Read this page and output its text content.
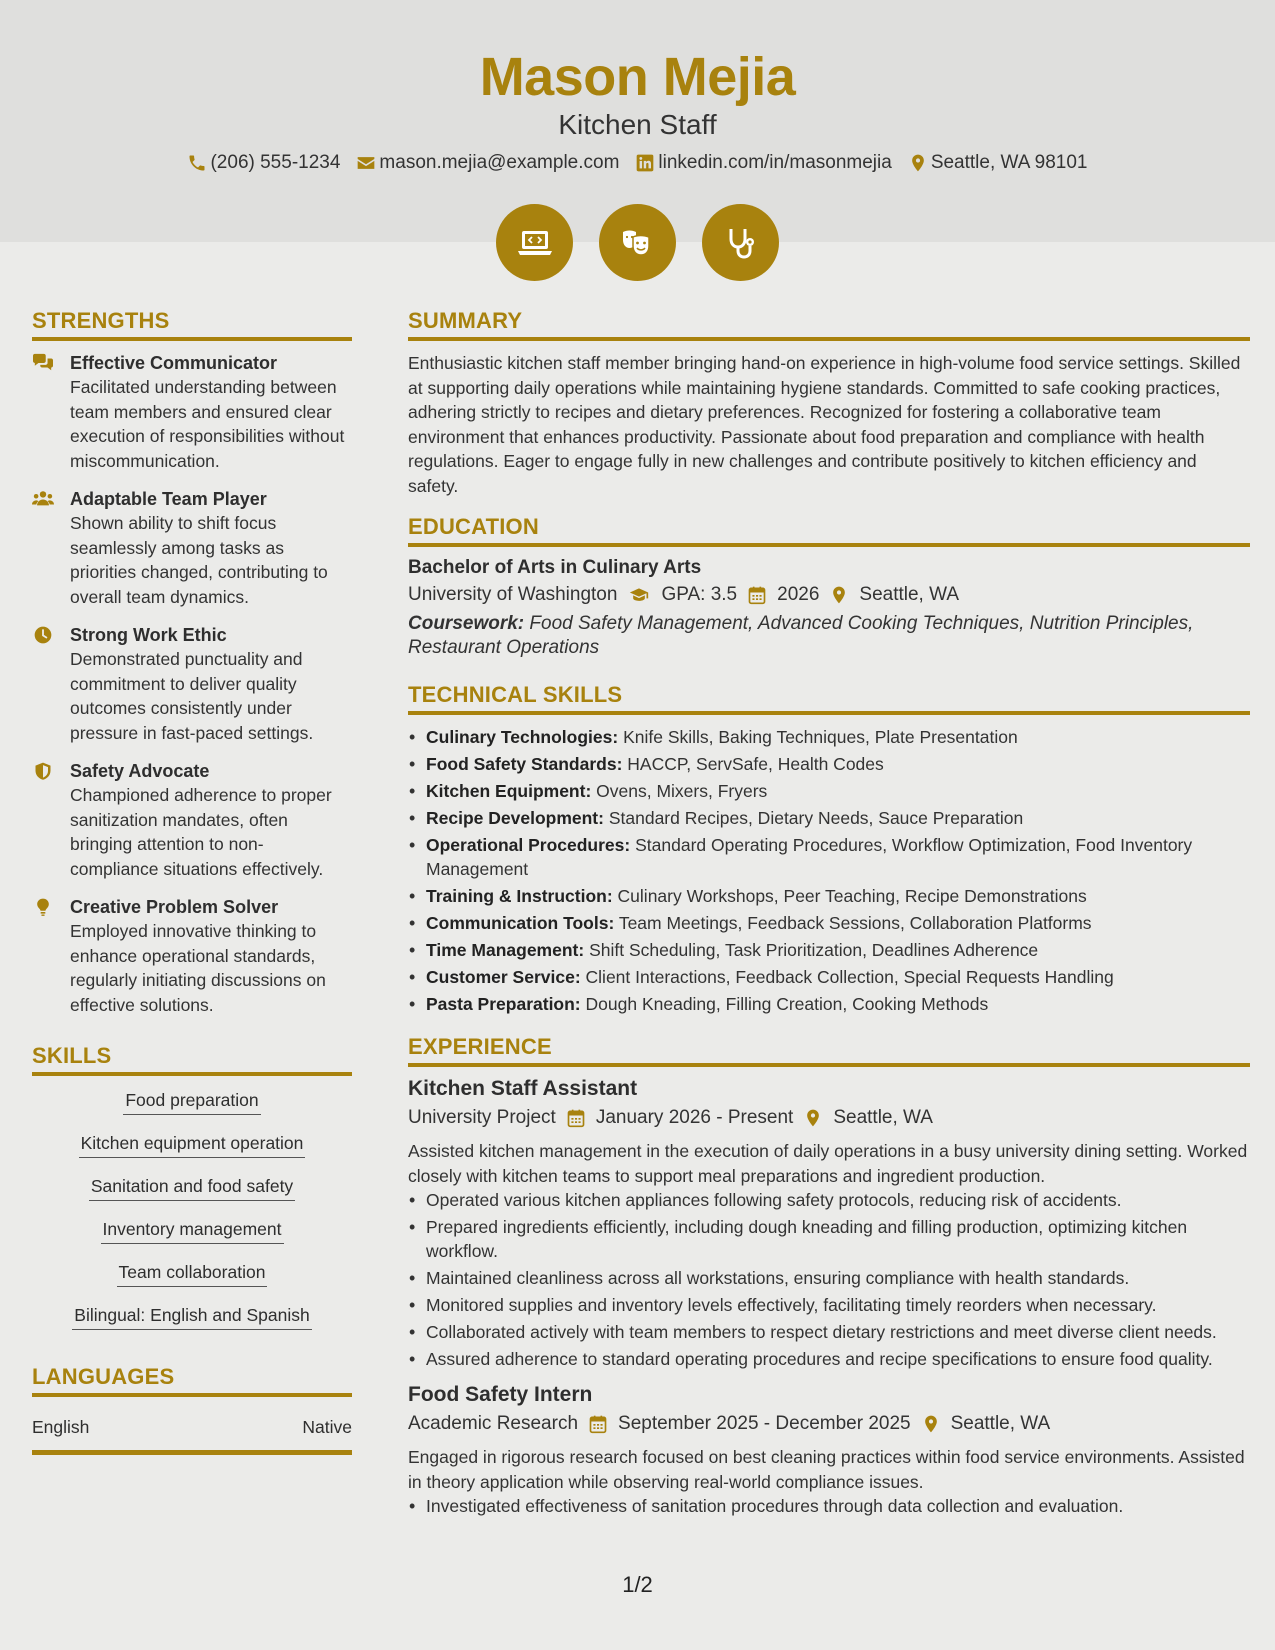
Mason Mejia
Kitchen Staff
(206) 555-1234 mason.mejia@example.com linkedin.com/in/masonmejia Seattle, WA 98101
STRENGTHS
Effective Communicator
Facilitated understanding between team members and ensured clear execution of responsibilities without miscommunication.
Adaptable Team Player
Shown ability to shift focus seamlessly among tasks as priorities changed, contributing to overall team dynamics.
Strong Work Ethic
Demonstrated punctuality and commitment to deliver quality outcomes consistently under pressure in fast-paced settings.
Safety Advocate
Championed adherence to proper sanitization mandates, often bringing attention to non-compliance situations effectively.
Creative Problem Solver
Employed innovative thinking to enhance operational standards, regularly initiating discussions on effective solutions.
SKILLS
Food preparation
Kitchen equipment operation
Sanitation and food safety
Inventory management
Team collaboration
Bilingual: English and Spanish
LANGUAGES
English	Native
SUMMARY
Enthusiastic kitchen staff member bringing hand-on experience in high-volume food service settings. Skilled at supporting daily operations while maintaining hygiene standards. Committed to safe cooking practices, adhering strictly to recipes and dietary preferences. Recognized for fostering a collaborative team environment that enhances productivity. Passionate about food preparation and compliance with health regulations. Eager to engage fully in new challenges and contribute positively to kitchen efficiency and safety.
EDUCATION
Bachelor of Arts in Culinary Arts
University of Washington GPA: 3.5 2026 Seattle, WA
Coursework: Food Safety Management, Advanced Cooking Techniques, Nutrition Principles, Restaurant Operations
TECHNICAL SKILLS
• Culinary Technologies: Knife Skills, Baking Techniques, Plate Presentation
• Food Safety Standards: HACCP, ServSafe, Health Codes
• Kitchen Equipment: Ovens, Mixers, Fryers
• Recipe Development: Standard Recipes, Dietary Needs, Sauce Preparation
• Operational Procedures: Standard Operating Procedures, Workflow Optimization, Food Inventory Management
• Training & Instruction: Culinary Workshops, Peer Teaching, Recipe Demonstrations
• Communication Tools: Team Meetings, Feedback Sessions, Collaboration Platforms
• Time Management: Shift Scheduling, Task Prioritization, Deadlines Adherence
• Customer Service: Client Interactions, Feedback Collection, Special Requests Handling
• Pasta Preparation: Dough Kneading, Filling Creation, Cooking Methods
EXPERIENCE
Kitchen Staff Assistant
University Project January 2026 - Present Seattle, WA
Assisted kitchen management in the execution of daily operations in a busy university dining setting. Worked closely with kitchen teams to support meal preparations and ingredient production.
• Operated various kitchen appliances following safety protocols, reducing risk of accidents.
• Prepared ingredients efficiently, including dough kneading and filling production, optimizing kitchen workflow.
• Maintained cleanliness across all workstations, ensuring compliance with health standards.
• Monitored supplies and inventory levels effectively, facilitating timely reorders when necessary.
• Collaborated actively with team members to respect dietary restrictions and meet diverse client needs.
• Assured adherence to standard operating procedures and recipe specifications to ensure food quality.
Food Safety Intern
Academic Research September 2025 - December 2025 Seattle, WA
Engaged in rigorous research focused on best cleaning practices within food service environments. Assisted in theory application while observing real-world compliance issues.
• Investigated effectiveness of sanitation procedures through data collection and evaluation.
1/2
